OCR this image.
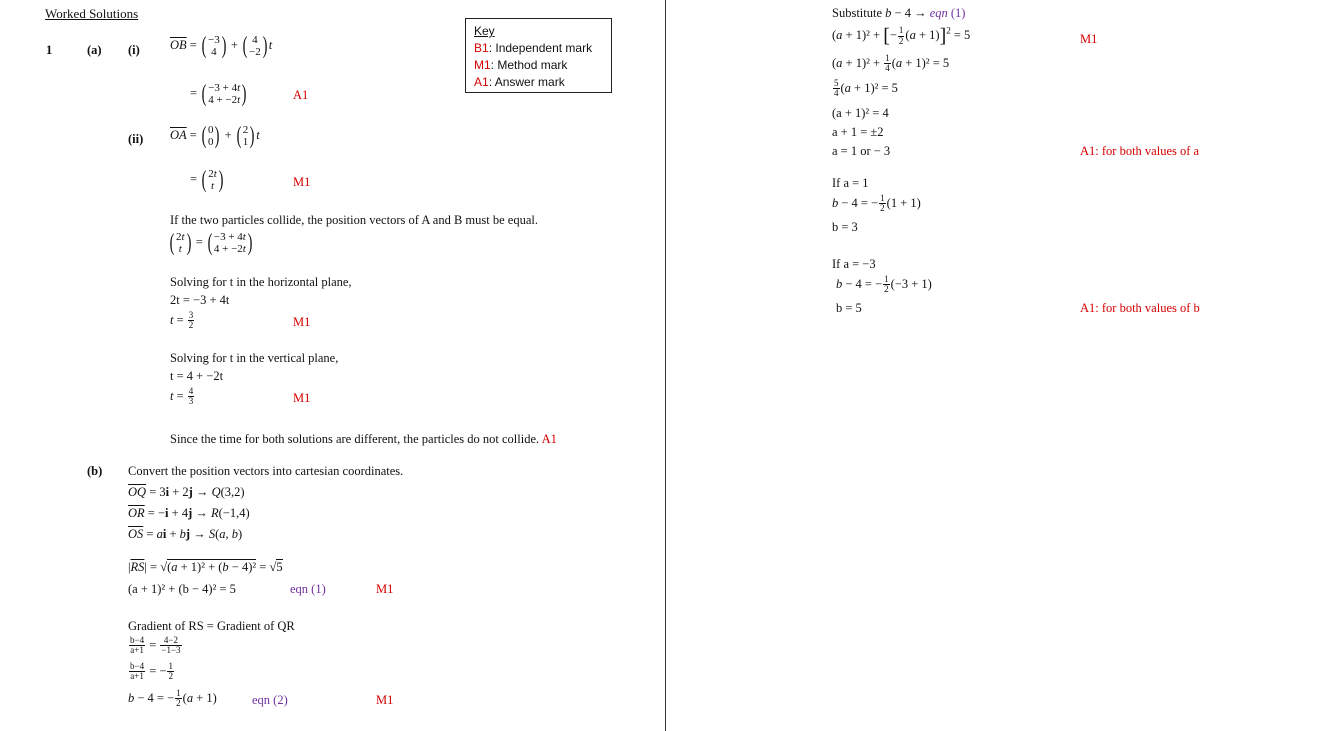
Worked Solutions
Key
B1: Independent mark
M1: Method mark
A1: Answer mark
1	(a) (i) $\overline{OB}$ = ( −3
4 ) + ( 4
−2 ) t
= ( −3 + 4t
4 + −2t )	A1
(ii) $\overline{OA}$ = ( 0
0 ) + ( 2
1 ) t
= ( 2t
t )	M1
If the two particles collide, the position vectors of A and B must be equal.
( 2t
t ) = ( −3 + 4t
4 + −2t )
Solving for t in the horizontal plane,
2t = −3 + 4t
$t = \frac{3}{2}$	M1
Solving for t in the vertical plane,
t = 4 + −2t
$t = \frac{4}{3}$	M1
Since the time for both solutions are different, the particles do not collide. A1
(b) Convert the position vectors into cartesian coordinates.
$\overline{OQ} = 3i + 2j \to Q(3,2)$
$\overline{OR} = -i + 4j \to R(-1,4)$
$\overline{OS}$ = ai + bj → S(a, b)
$|\overline{RS}| = √(a + 1)^2 + (b - 4)^2 = √5$
(a + 1)² + (b − 4)² = 5	eqn (1)	M1
Gradient of RS = Gradient of QR
$\frac{b-4}{a+1} = \frac{4-2}{-1-3}$
$\frac{b-4}{a+1}$ = − $\frac{1}{2}$
b − 4 = − $\frac{1}{2} (a + 1)$	eqn (2)	M1
Substitute b − 4 → eqn (1)
(a + 1)² + [− $\frac{1}{2} (a + 1)]^2 = 5$	M1
$(a + 1)^2 + \frac{1}{4} (a + 1)^2 = 5$
$\frac{5}{4} (a + 1)^2 = 5$
(a + 1)² = 4
a + 1 = ±2
a = 1 or − 3	A1: for both values of a
If a = 1
b − 4 = − $\frac{1}{2} (1 + 1)$
b = 3
If a = −3
b − 4 = − $\frac{1}{2} (-3 + 1)$
b = 5	A1: for both values of b
